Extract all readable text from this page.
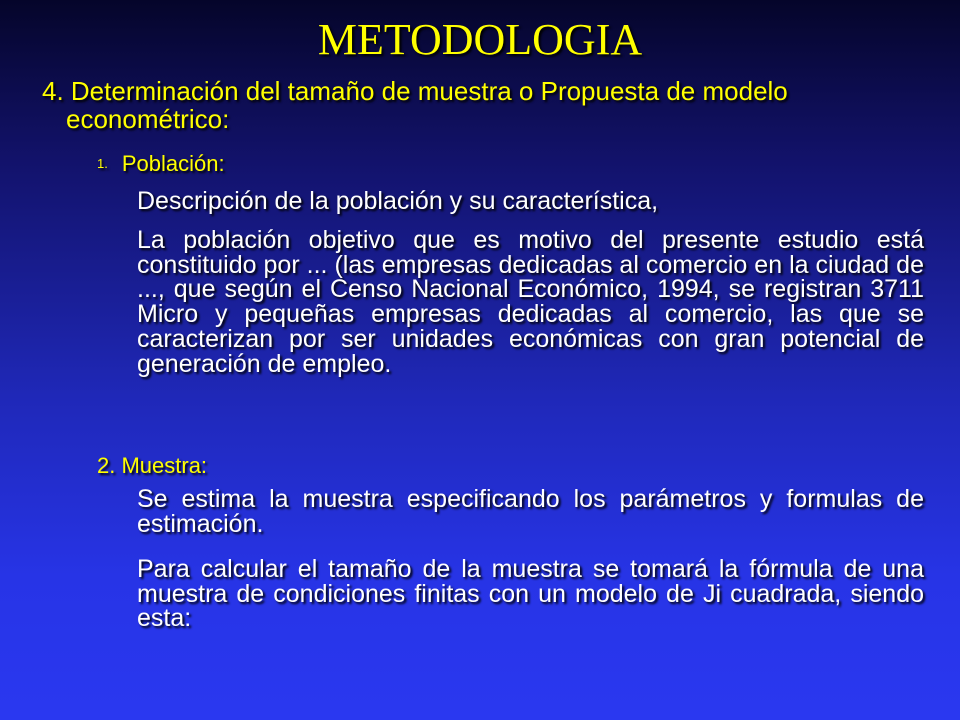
METODOLOGIA
4. Determinación del tamaño de muestra o Propuesta de modelo econométrico:
1. Población:
Descripción de la población y su característica,
La población objetivo que es motivo del presente estudio está constituido por ... (las empresas dedicadas al comercio en la ciudad de ..., que según el Censo Nacional Económico, 1994, se registran 3711 Micro y pequeñas empresas dedicadas al comercio, las que se caracterizan por ser unidades económicas con gran potencial de generación de empleo.
2. Muestra:
Se estima la muestra especificando los parámetros y formulas de estimación.
Para calcular el tamaño de la muestra se tomará la fórmula de una muestra de condiciones finitas con un modelo de Ji cuadrada, siendo esta:
